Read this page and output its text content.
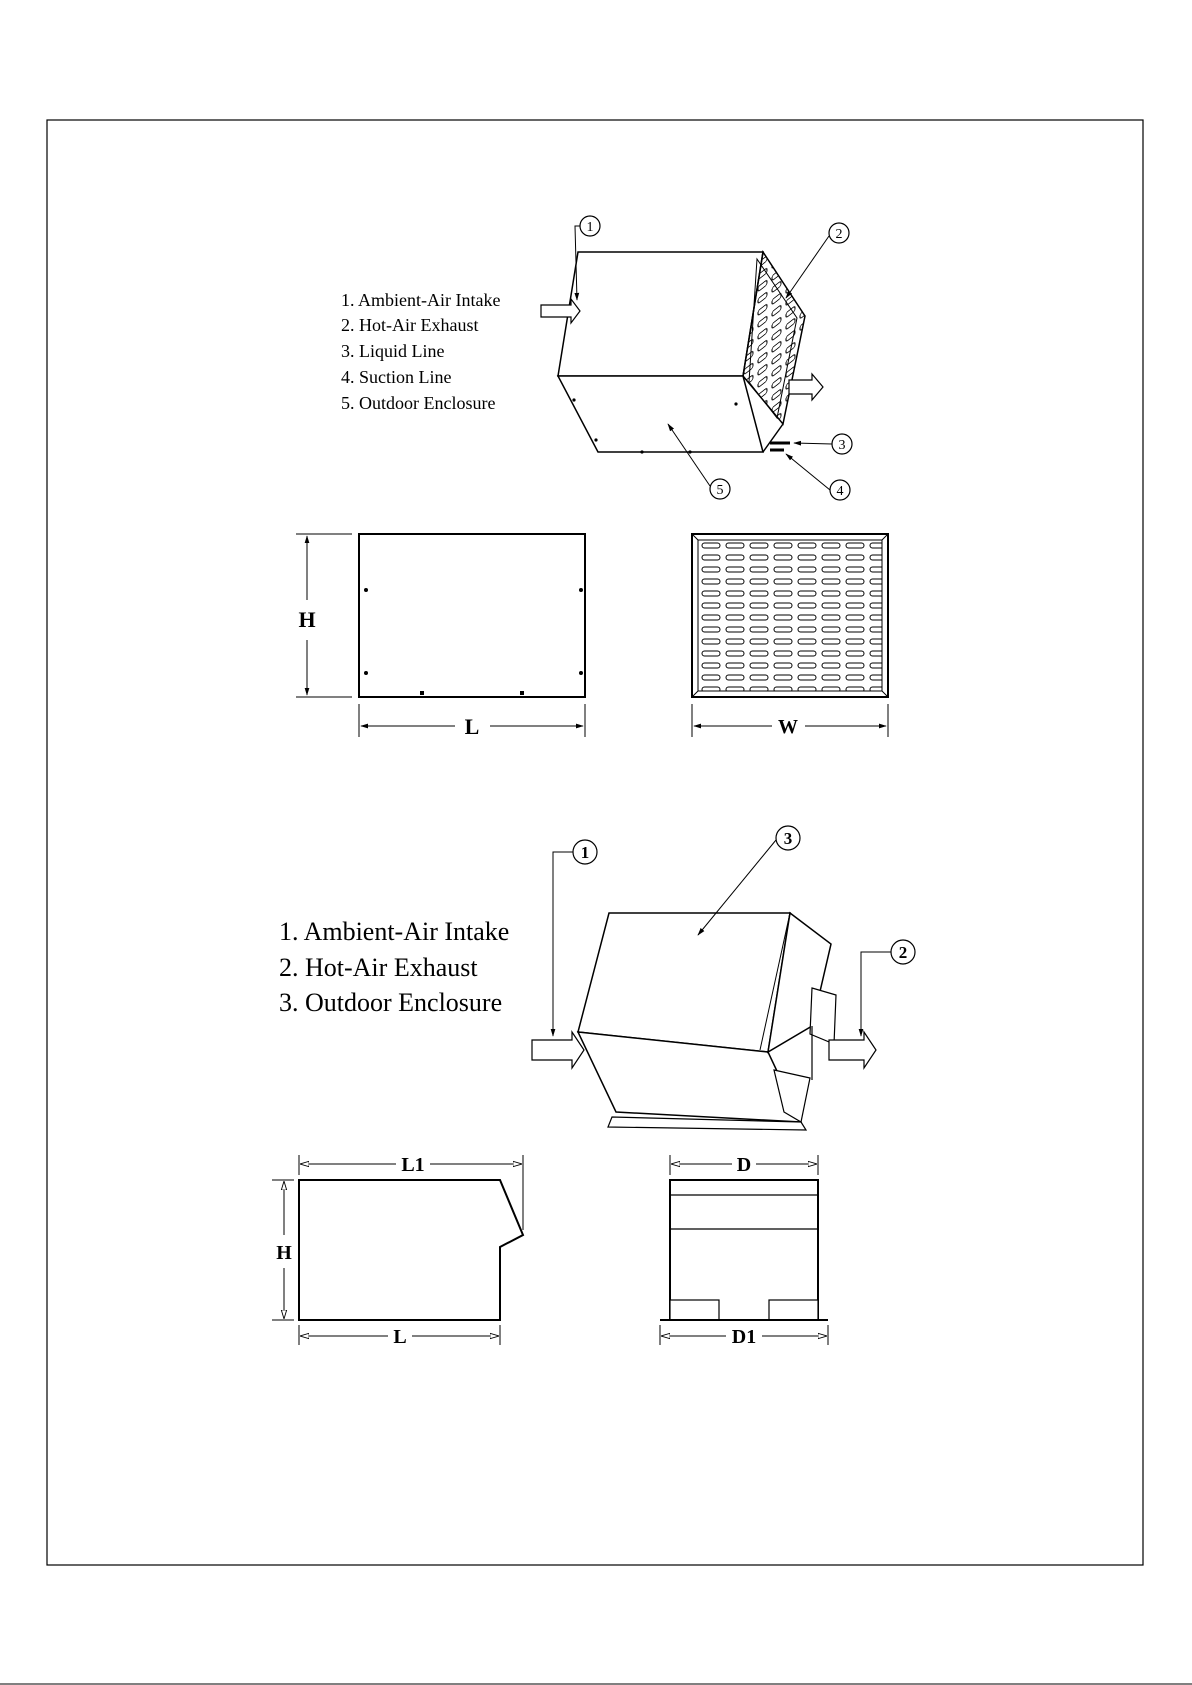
1. Ambient-Air Intake
2. Hot-Air Exhaust
3. Liquid Line
4. Suction Line
5. Outdoor Enclosure
1	2
3
4
5
H
L	W
1. Ambient-Air Intake
2. Hot-Air Exhaust
3. Outdoor Enclosure
1
3
2
L1
H
L
D
D1
